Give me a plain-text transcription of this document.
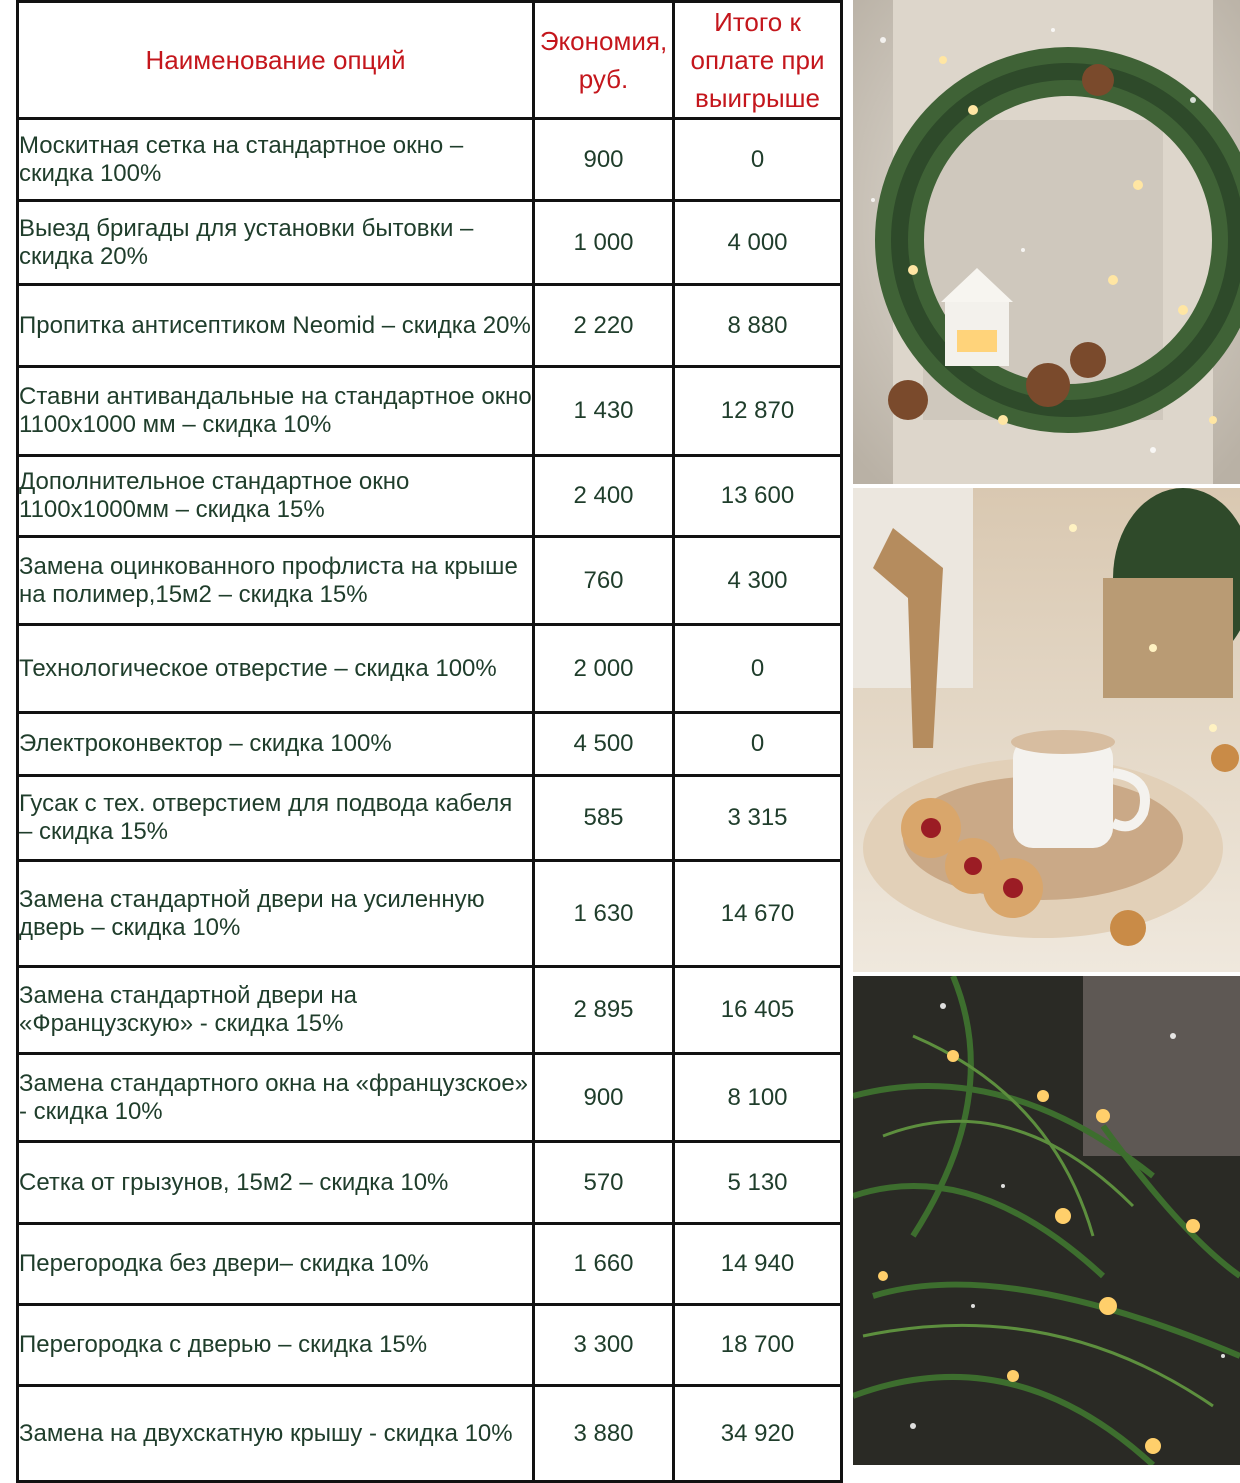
Наименование опций	Экономия, руб.	Итого к оплате при выигрыше
Москитная сетка на стандартное окно – скидка 100%	900	0
Выезд бригады для установки бытовки – скидка 20%	1 000	4 000
Пропитка антисептиком Neomid – скидка 20%	2 220	8 880
Ставни антивандальные на стандартное окно 1100х1000 мм – скидка 10%	1 430	12 870
Дополнительное стандартное окно 1100х1000мм – скидка 15%	2 400	13 600
Замена оцинкованного профлиста на крыше на полимер,15м2 – скидка 15%	760	4 300
Технологическое отверстие – скидка 100%	2 000	0
Электроконвектор – скидка 100%	4 500	0
Гусак с тех. отверстием для подвода кабеля – скидка 15%	585	3 315
Замена стандартной двери на усиленную дверь – скидка 10%	1 630	14 670
Замена стандартной двери на «Французскую» - скидка 15%	2 895	16 405
Замена стандартного окна на «французское» - скидка 10%	900	8 100
Сетка от грызунов, 15м2 – скидка 10%	570	5 130
Перегородка без двери– скидка 10%	1 660	14 940
Перегородка с дверью – скидка 15%	3 300	18 700
Замена на двухскатную крышу - скидка 10%	3 880	34 920
